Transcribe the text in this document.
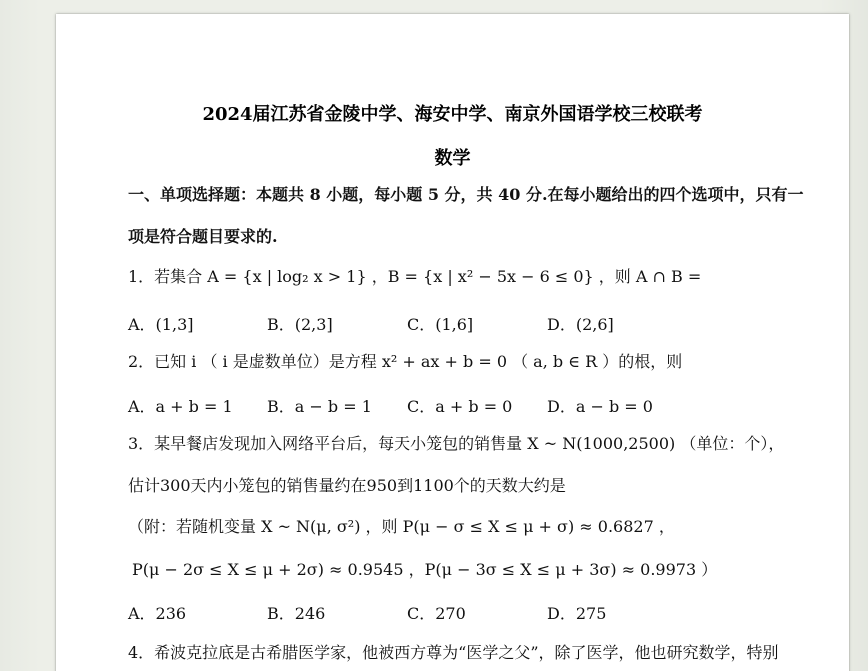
2024届江苏省金陵中学、海安中学、南京外国语学校三校联考
数学
一、单项选择题：本题共 8 小题，每小题 5 分，共 40 分.在每小题给出的四个选项中，只有一
项是符合题目要求的.
1．若集合 A = {x | log₂ x > 1} ，B = {x | x² − 5x − 6 ≤ 0} ，则 A ∩ B =
A．(1,3]	B．(2,3]	C．(1,6]	D．(2,6]
2．已知 i （ i 是虚数单位）是方程 x² + ax + b = 0 （ a, b ∈ R ）的根，则
A．a + b = 1 B．a − b = 1 C．a + b = 0 D．a − b = 0
3．某早餐店发现加入网络平台后，每天小笼包的销售量 X ~ N(1000,2500) （单位：个），
估计300天内小笼包的销售量约在950到1100个的天数大约是
（附：若随机变量 X ~ N(μ, σ²) ，则 P(μ − σ ≤ X ≤ μ + σ) ≈ 0.6827 ，
P(μ − 2σ ≤ X ≤ μ + 2σ) ≈ 0.9545 ，P(μ − 3σ ≤ X ≤ μ + 3σ) ≈ 0.9973 ）
A．236	B．246	C．270	D．275
4．希波克拉底是古希腊医学家，他被西方尊为“医学之父”，除了医学，他也研究数学，特别
